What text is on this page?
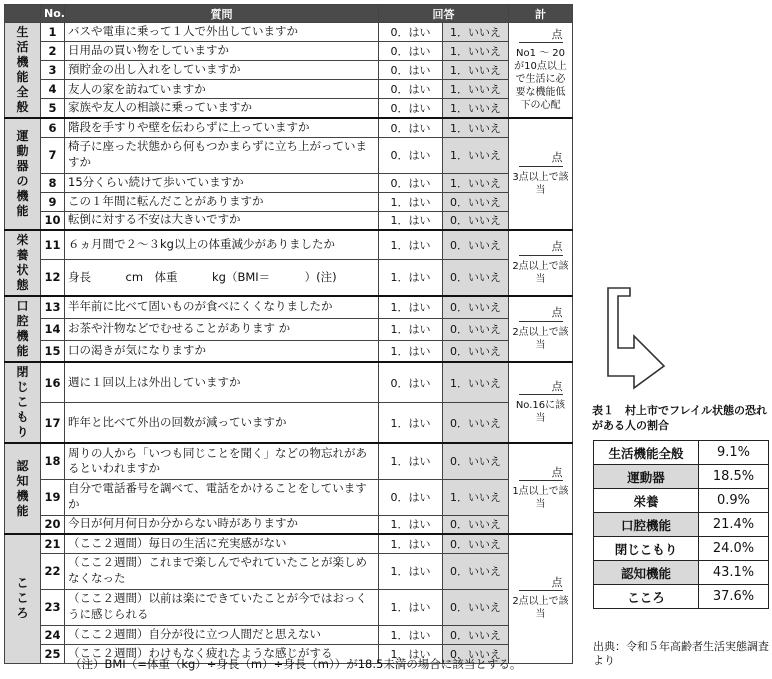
	No.	質問	回答		計
生活機能全般	1	バスや電車に乗って１人で外出していますか	0．はい	1．いいえ	点
No1 ～ 20が10点以上で生活に必要な機能低下の心配

	2	日用品の買い物をしていますか	0．はい	1．いいえ	
	3	預貯金の出し入れをしていますか	0．はい	1．いいえ	
	4	友人の家を訪ねていますか	0．はい	1．いいえ	
	5	家族や友人の相談に乗っていますか	0．はい	1．いいえ	
運動器の機能	6	階段を手すりや壁を伝わらずに上っていますか	0．はい	1．いいえ	点
3点以上で該当

	7	椅子に座った状態から何もつかまらずに立ち上がっていますか	0．はい	1．いいえ	
	8	15分くらい続けて歩いていますか	0．はい	1．いいえ	
	9	この１年間に転んだことがありますか	1．はい	0．いいえ	
	10	転倒に対する不安は大きいですか	1．はい	0．いいえ	
栄養状態	11	６ヵ月間で２～３kg以上の体重減少がありましたか	1．はい	0．いいえ	点
2点以上で該当

	12	身長　　　cm　体重　　　kg（BMI＝　　　）(注)	1．はい	0．いいえ	
口腔機能	13	半年前に比べて固いものが食べにくくなりましたか	1．はい	0．いいえ	点
2点以上で該当

	14	お茶や汁物などでむせることがあります か	1．はい	0．いいえ	
	15	口の渇きが気になりますか	1．はい	0．いいえ	
閉じこもり	16	週に１回以上は外出していますか	0．はい	1．いいえ	点
No.16に該当

	17	昨年と比べて外出の回数が減っていますか	1．はい	0．いいえ	
認知機能	18	周りの人から「いつも同じことを聞く」などの物忘れがあるといわれますか	1．はい	0．いいえ	点
1点以上で該当

	19	自分で電話番号を調べて、電話をかけることをしていますか	0．はい	1．いいえ	
	20	今日が何月何日か分からない時がありますか	1．はい	0．いいえ	
こころ	21	（ここ２週間）毎日の生活に充実感がない	1．はい	0．いいえ	点
2点以上で該当

	22	（ここ２週間）これまで楽しんでやれていたことが楽しめなくなった	1．はい	0．いいえ	
	23	（ここ２週間）以前は楽にできていたことが今ではおっくうに感じられる	1．はい	0．いいえ	
	24	（ここ２週間）自分が役に立つ人間だと思えない	1．はい	0．いいえ	
	25	（ここ２週間）わけもなく疲れたような感じがする	1．はい	0．いいえ	
（注）BMI（=体重（kg）÷身長（m）÷身長（m））が18.5未満の場合に該当とする。
表１　村上市でフレイル状態の恐れがある人の割合
生活機能全般	9.1%
運動器	18.5%
栄養	0.9%
口腔機能	21.4%
閉じこもり	24.0%
認知機能	43.1%
こころ	37.6%
出典：令和５年高齢者生活実態調査より
